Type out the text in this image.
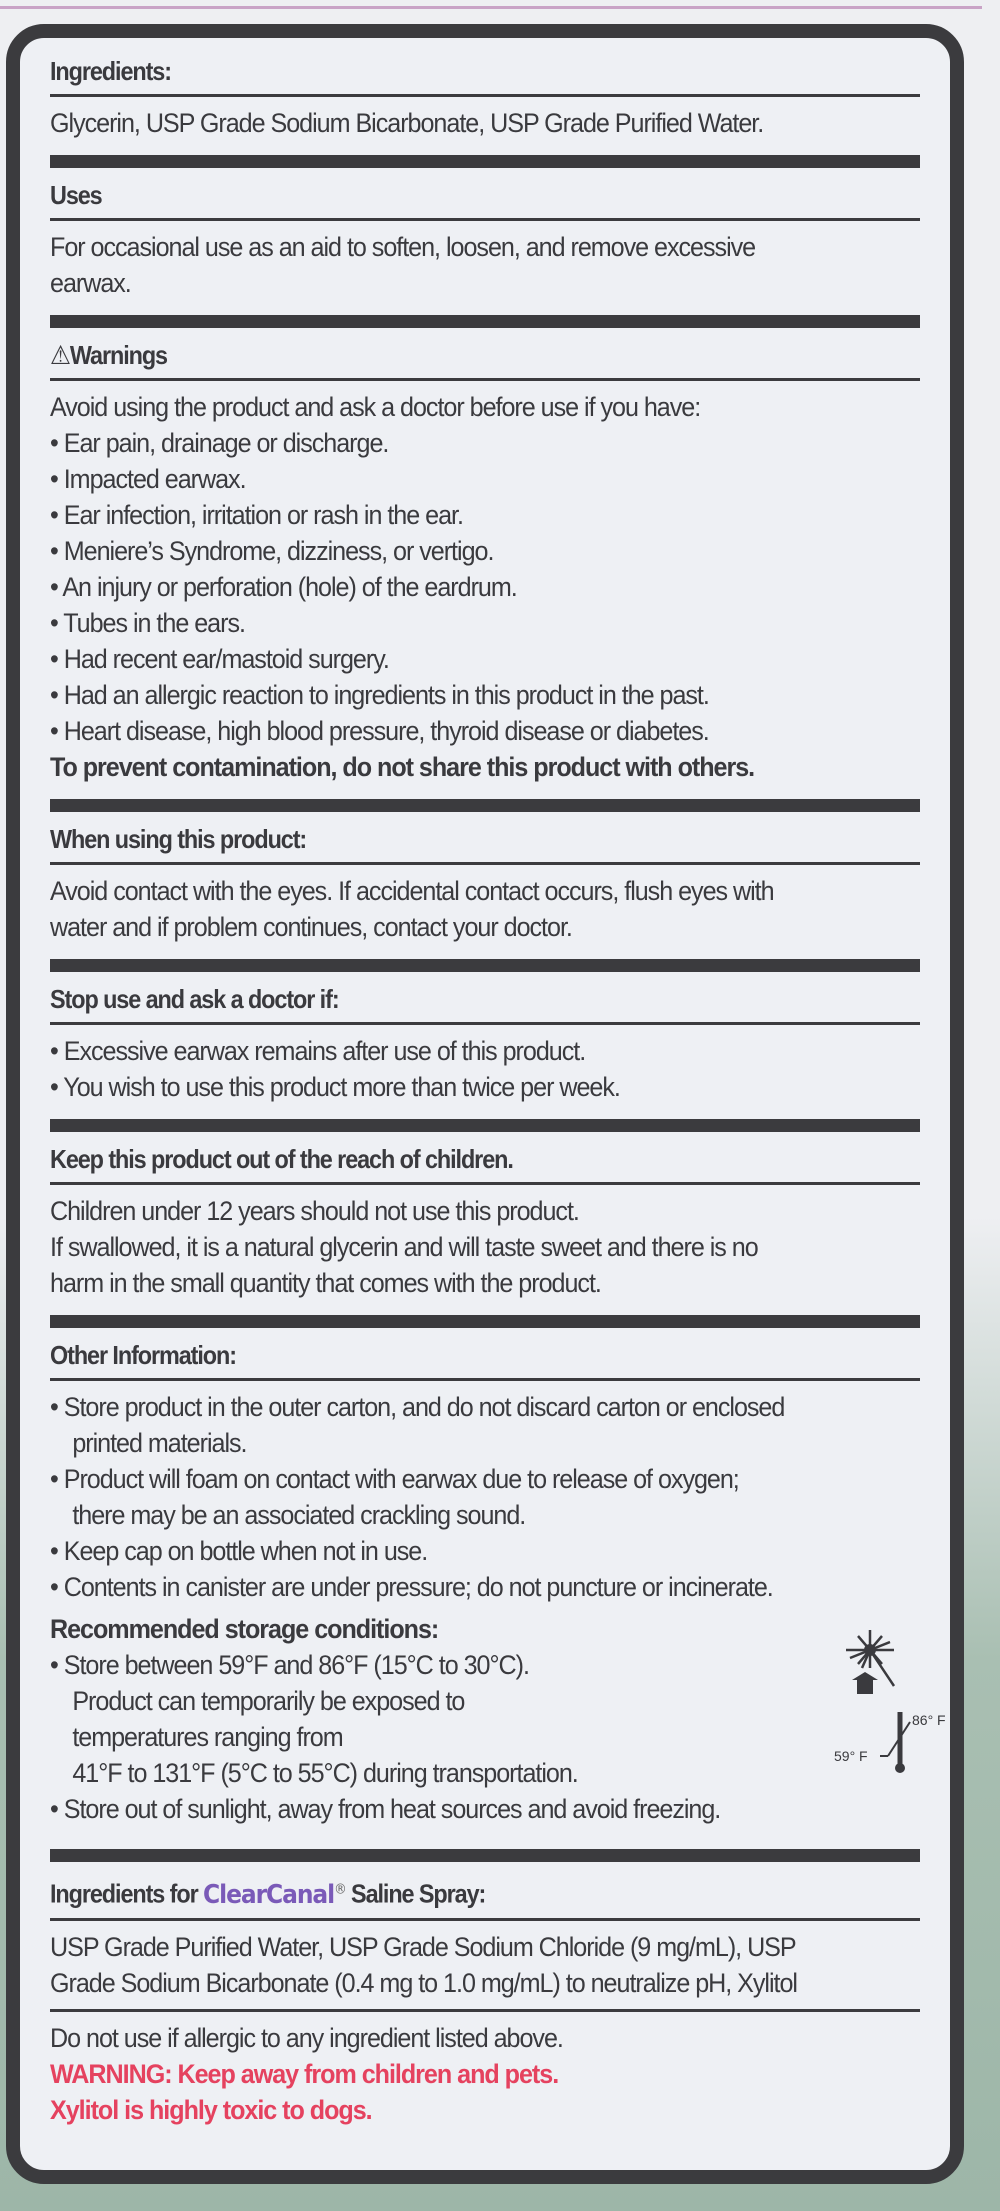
Ingredients:
Glycerin, USP Grade Sodium Bicarbonate, USP Grade Purified Water.
Uses
For occasional use as an aid to soften, loosen, and remove excessive
earwax.
⚠Warnings
Avoid using the product and ask a doctor before use if you have:
• Ear pain, drainage or discharge.
• Impacted earwax.
• Ear infection, irritation or rash in the ear.
• Meniere’s Syndrome, dizziness, or vertigo.
• An injury or perforation (hole) of the eardrum.
• Tubes in the ears.
• Had recent ear/mastoid surgery.
• Had an allergic reaction to ingredients in this product in the past.
• Heart disease, high blood pressure, thyroid disease or diabetes.
To prevent contamination, do not share this product with others.
When using this product:
Avoid contact with the eyes. If accidental contact occurs, flush eyes with
water and if problem continues, contact your doctor.
Stop use and ask a doctor if:
• Excessive earwax remains after use of this product.
• You wish to use this product more than twice per week.
Keep this product out of the reach of children.
Children under 12 years should not use this product.
If swallowed, it is a natural glycerin and will taste sweet and there is no
harm in the small quantity that comes with the product.
Other Information:
• Store product in the outer carton, and do not discard carton or enclosed
printed materials.
• Product will foam on contact with earwax due to release of oxygen;
there may be an associated crackling sound.
• Keep cap on bottle when not in use.
• Contents in canister are under pressure; do not puncture or incinerate.
Recommended storage conditions:
• Store between 59°F and 86°F (15°C to 30°C).
Product can temporarily be exposed to
temperatures ranging from
41°F to 131°F (5°C to 55°C) during transportation.
• Store out of sunlight, away from heat sources and avoid freezing.
Ingredients for ClearCanal® Saline Spray:
USP Grade Purified Water, USP Grade Sodium Chloride (9 mg/mL), USP
Grade Sodium Bicarbonate (0.4 mg to 1.0 mg/mL) to neutralize pH, Xylitol
Do not use if allergic to any ingredient listed above.
WARNING: Keep away from children and pets.
Xylitol is highly toxic to dogs.
86° F
59° F
